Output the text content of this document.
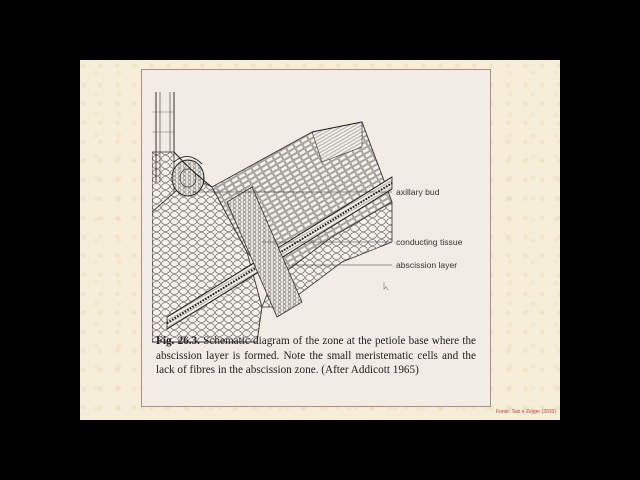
· ·
axillary bud
conducting tissue
abscission layer
Fig. 26.3. Schematic diagram of the zone at the petiole base where the abscission layer is formed. Note the small meristematic cells and the lack of fibres in the abscission zone. (After Addicott 1965)
Fonte: Taiz e Zeiger (2010)
